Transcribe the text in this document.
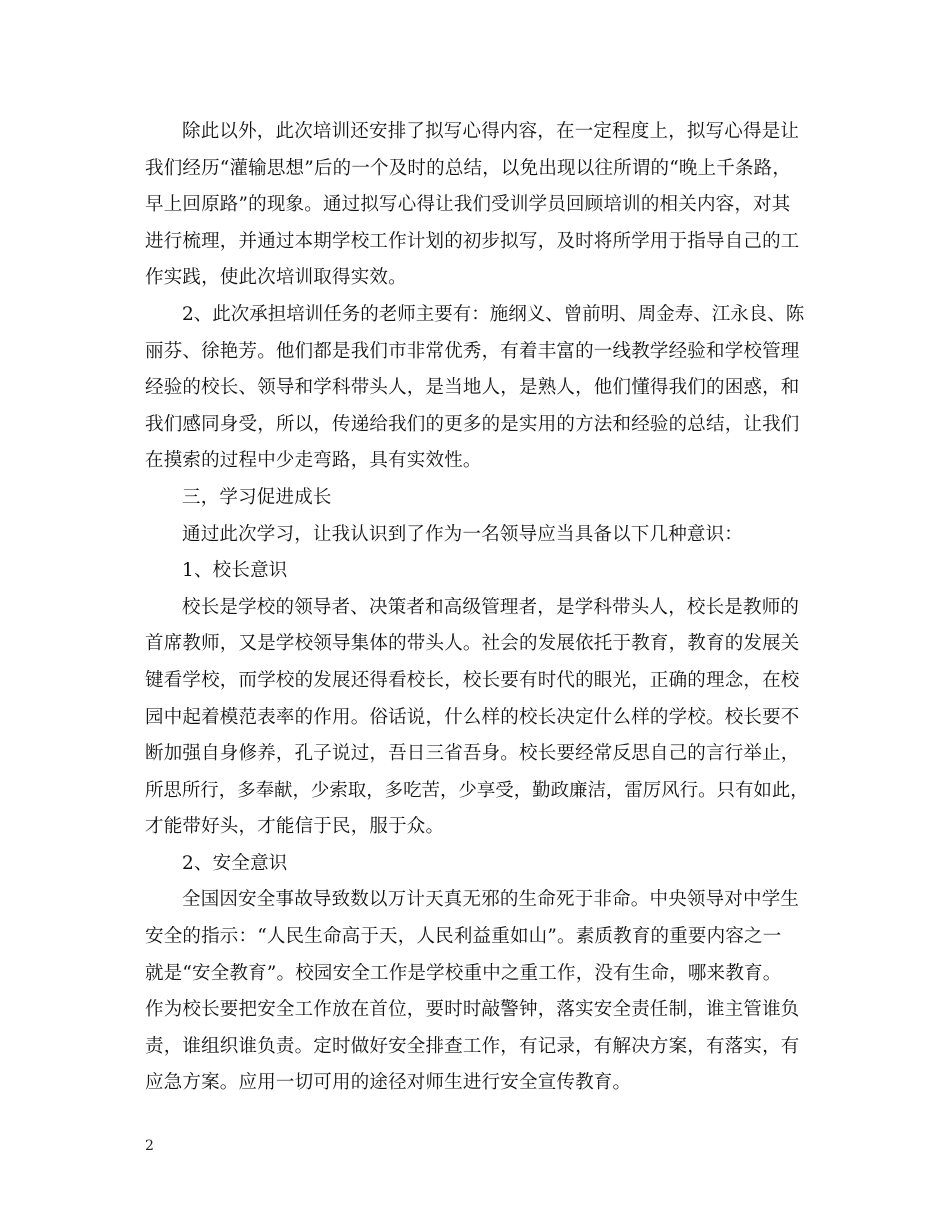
除此以外，此次培训还安排了拟写心得内容，在一定程度上，拟写心得是让
我们经历“灌输思想”后的一个及时的总结，以免出现以往所谓的“晚上千条路，
早上回原路”的现象。通过拟写心得让我们受训学员回顾培训的相关内容，对其
进行梳理，并通过本期学校工作计划的初步拟写，及时将所学用于指导自己的工
作实践，使此次培训取得实效。

2、此次承担培训任务的老师主要有：施纲义、曾前明、周金寿、江永良、陈
丽芬、徐艳芳。他们都是我们市非常优秀，有着丰富的一线教学经验和学校管理
经验的校长、领导和学科带头人，是当地人，是熟人，他们懂得我们的困惑，和
我们感同身受，所以，传递给我们的更多的是实用的方法和经验的总结，让我们
在摸索的过程中少走弯路，具有实效性。

三，学习促进成长

通过此次学习，让我认识到了作为一名领导应当具备以下几种意识：

1、校长意识

校长是学校的领导者、决策者和高级管理者，是学科带头人，校长是教师的
首席教师，又是学校领导集体的带头人。社会的发展依托于教育，教育的发展关
键看学校，而学校的发展还得看校长，校长要有时代的眼光，正确的理念，在校
园中起着模范表率的作用。俗话说，什么样的校长决定什么样的学校。校长要不
断加强自身修养，孔子说过，吾日三省吾身。校长要经常反思自己的言行举止，
所思所行，多奉献，少索取，多吃苦，少享受，勤政廉洁，雷厉风行。只有如此，
才能带好头，才能信于民，服于众。

2、安全意识

全国因安全事故导致数以万计天真无邪的生命死于非命。中央领导对中学生
安全的指示：“人民生命高于天，人民利益重如山”。素质教育的重要内容之一
就是“安全教育”。校园安全工作是学校重中之重工作，没有生命，哪来教育。
作为校长要把安全工作放在首位，要时时敲警钟，落实安全责任制，谁主管谁负
责，谁组织谁负责。定时做好安全排查工作，有记录，有解决方案，有落实，有
应急方案。应用一切可用的途径对师生进行安全宣传教育。

2
